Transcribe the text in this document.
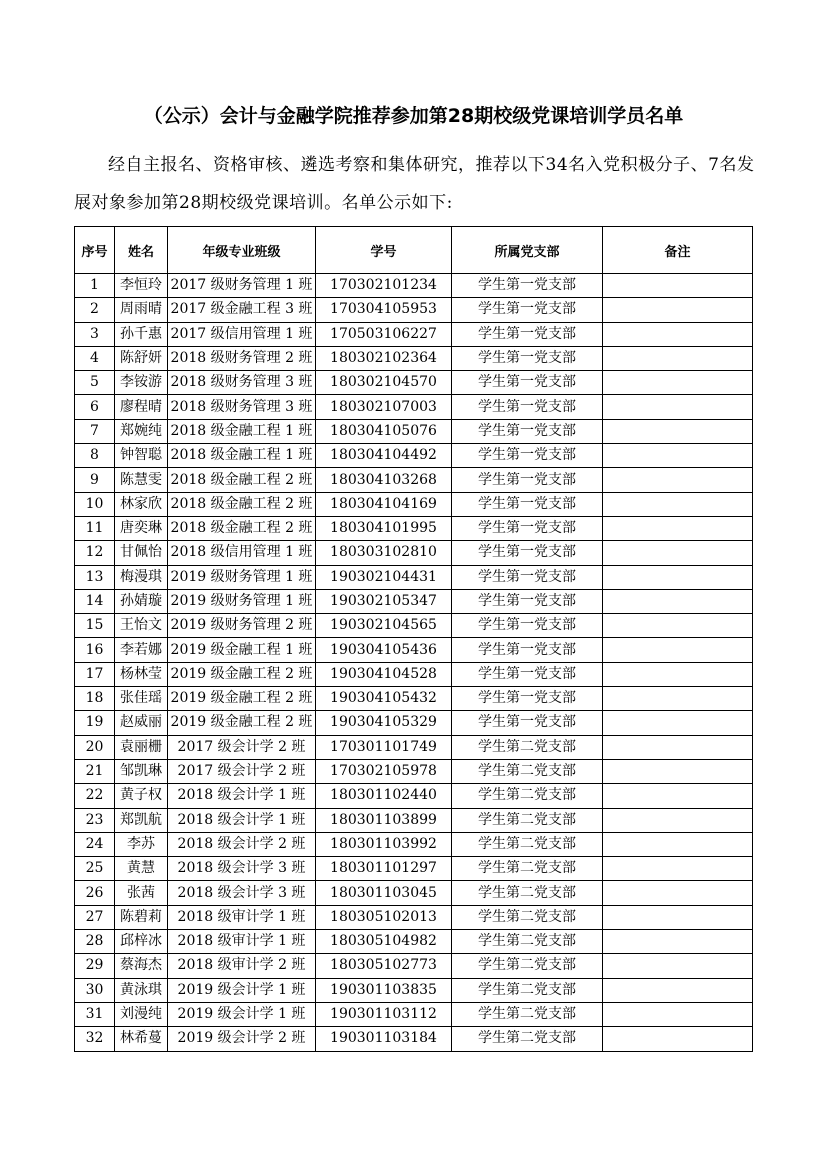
（公示）会计与金融学院推荐参加第28期校级党课培训学员名单
经自主报名、资格审核、遴选考察和集体研究，推荐以下34名入党积极分子、7名发展对象参加第28期校级党课培训。名单公示如下:
序号	姓名	年级专业班级	学号	所属党支部	备注
1	李恒玲	2017 级财务管理 1 班	170302101234	学生第一党支部	
2	周雨晴	2017 级金融工程 3 班	170304105953	学生第一党支部	
3	孙千惠	2017 级信用管理 1 班	170503106227	学生第一党支部	
4	陈舒妍	2018 级财务管理 2 班	180302102364	学生第一党支部	
5	李铵游	2018 级财务管理 3 班	180302104570	学生第一党支部	
6	廖程晴	2018 级财务管理 3 班	180302107003	学生第一党支部	
7	郑婉纯	2018 级金融工程 1 班	180304105076	学生第一党支部	
8	钟智聪	2018 级金融工程 1 班	180304104492	学生第一党支部	
9	陈慧雯	2018 级金融工程 2 班	180304103268	学生第一党支部	
10	林家欣	2018 级金融工程 2 班	180304104169	学生第一党支部	
11	唐奕琳	2018 级金融工程 2 班	180304101995	学生第一党支部	
12	甘佩怡	2018 级信用管理 1 班	180303102810	学生第一党支部	
13	梅漫琪	2019 级财务管理 1 班	190302104431	学生第一党支部	
14	孙婧璇	2019 级财务管理 1 班	190302105347	学生第一党支部	
15	王怡文	2019 级财务管理 2 班	190302104565	学生第一党支部	
16	李若娜	2019 级金融工程 1 班	190304105436	学生第一党支部	
17	杨林莹	2019 级金融工程 2 班	190304104528	学生第一党支部	
18	张佳瑶	2019 级金融工程 2 班	190304105432	学生第一党支部	
19	赵威丽	2019 级金融工程 2 班	190304105329	学生第一党支部	
20	袁丽栅	2017 级会计学 2 班	170301101749	学生第二党支部	
21	邹凯琳	2017 级会计学 2 班	170302105978	学生第二党支部	
22	黄子权	2018 级会计学 1 班	180301102440	学生第二党支部	
23	郑凯航	2018 级会计学 1 班	180301103899	学生第二党支部	
24	李苏	2018 级会计学 2 班	180301103992	学生第二党支部	
25	黄慧	2018 级会计学 3 班	180301101297	学生第二党支部	
26	张茜	2018 级会计学 3 班	180301103045	学生第二党支部	
27	陈碧莉	2018 级审计学 1 班	180305102013	学生第二党支部	
28	邱梓冰	2018 级审计学 1 班	180305104982	学生第二党支部	
29	蔡海杰	2018 级审计学 2 班	180305102773	学生第二党支部	
30	黄泳琪	2019 级会计学 1 班	190301103835	学生第二党支部	
31	刘漫纯	2019 级会计学 1 班	190301103112	学生第二党支部	
32	林希蔓	2019 级会计学 2 班	190301103184	学生第二党支部	
